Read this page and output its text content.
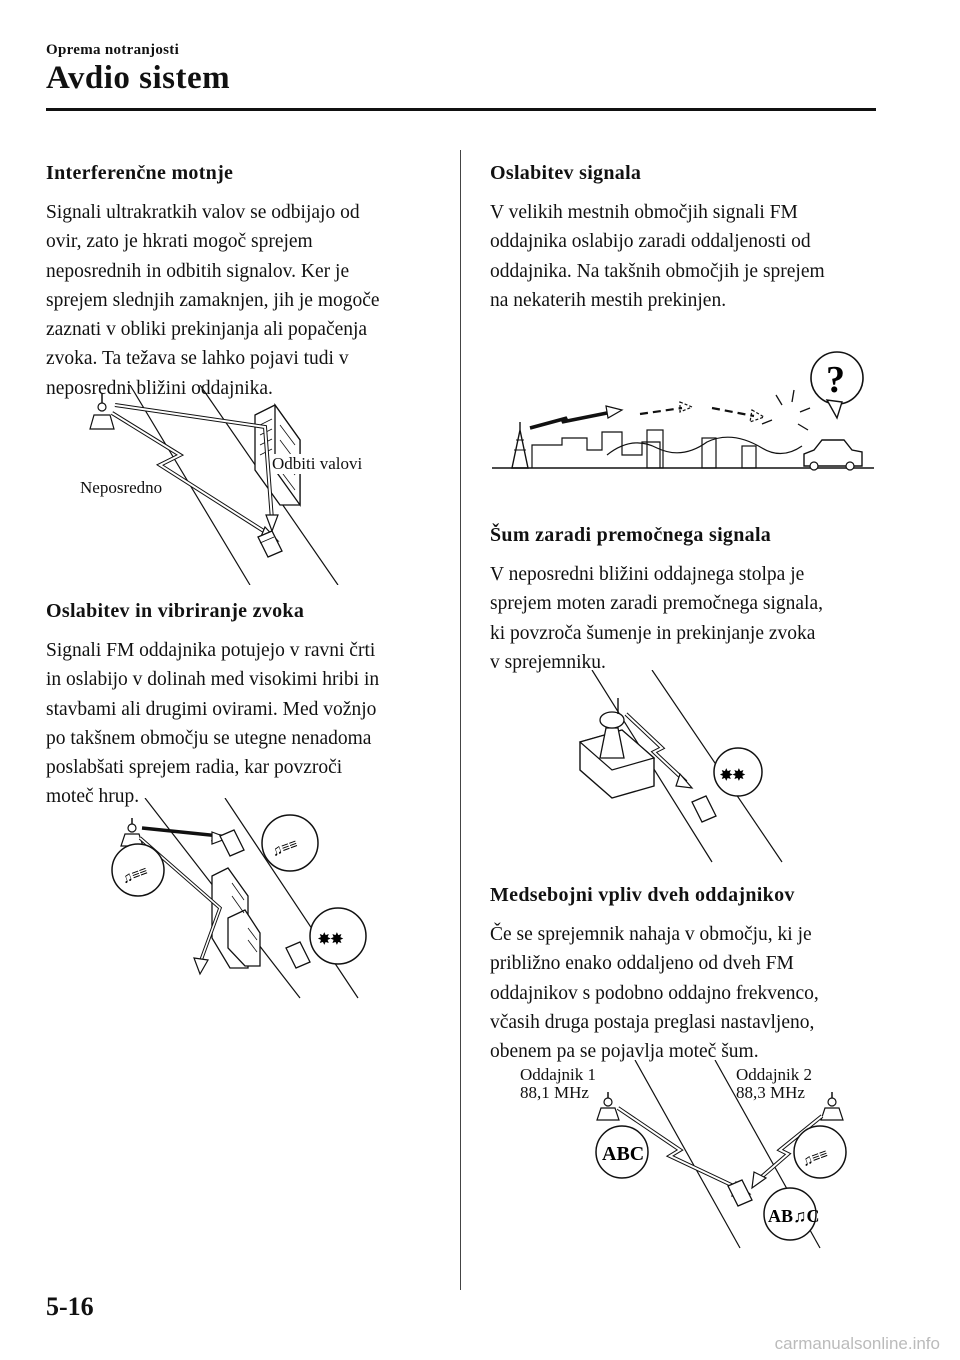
Oprema notranjosti
Avdio sistem
Interferenčne motnje

Signali ultrakratkih valov se odbijajo od

ovir, zato je hkrati mogoč sprejem

neposrednih in odbitih signalov. Ker je

sprejem slednjih zamaknjen, jih je mogoče

zaznati v obliki prekinjanja ali popačenja

zvoka. Ta težava se lahko pojavi tudi v

neposredni bližini oddajnika.

Neposredno
Odbiti valovi
Oslabitev in vibriranje zvoka

Signali FM oddajnika potujejo v ravni črti

in oslabijo v dolinah med visokimi hribi in

stavbami ali drugimi ovirami. Med vožnjo

po takšnem območju se utegne nenadoma

poslabšati sprejem radia, kar povzroči

moteč hrup.

♫≡≡
♫≡≡
✸✸
Oslabitev signala

V velikih mestnih območjih signali FM

oddajnika oslabijo zaradi oddaljenosti od

oddajnika. Na takšnih območjih je sprejem

na nekaterih mestih prekinjen.

?
Šum zaradi premočnega signala

V neposredni bližini oddajnega stolpa je

sprejem moten zaradi premočnega signala,

ki povzroča šumenje in prekinjanje zvoka

v sprejemniku.

✸✸
Medsebojni vpliv dveh oddajnikov

Če se sprejemnik nahaja v območju, ki je

približno enako oddaljeno od dveh FM

oddajnikov s podobno oddajno frekvenco,

včasih druga postaja preglasi nastavljeno,

obenem pa se pojavlja moteč šum.

Oddajnik 1
88,1 MHz
Oddajnik 2
88,3 MHz
ABC	♫≡≡
AB♫C
5-16
carmanualsonline.info
